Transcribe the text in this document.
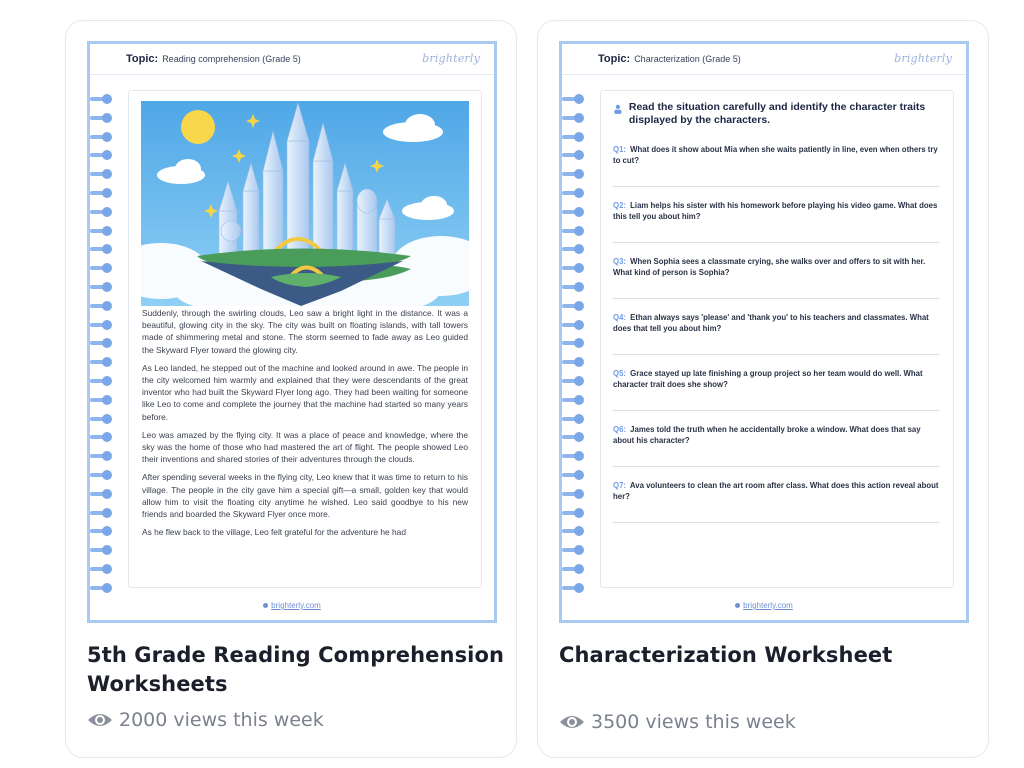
Topic: Reading comprehension (Grade 5)	brighterly

Suddenly, through the swirling clouds, Leo saw a bright light in the distance. It was a beautiful, glowing city in the sky. The city was built on floating islands, with tall towers made of shimmering metal and stone. The storm seemed to fade away as Leo guided the Skyward Flyer toward the glowing city.

As Leo landed, he stepped out of the machine and looked around in awe. The people in the city welcomed him warmly and explained that they were descendants of the great inventor who had built the Skyward Flyer long ago. They had been waiting for someone like Leo to come and complete the journey that the machine had started so many years before.

Leo was amazed by the flying city. It was a place of peace and knowledge, where the sky was the home of those who had mastered the art of flight. The people showed Leo their inventions and shared stories of their adventures through the clouds.

After spending several weeks in the flying city, Leo knew that it was time to return to his village. The people in the city gave him a special gift—a small, golden key that would allow him to visit the floating city anytime he wished. Leo said goodbye to his new friends and boarded the Skyward Flyer once more.

As he flew back to the village, Leo felt grateful for the adventure he had

brighterly.com
5th Grade Reading Comprehension Worksheets
2000 views this week
Topic: Characterization (Grade 5)	brighterly
Read the situation carefully and identify the character traits displayed by the characters.
Q1: What does it show about Mia when she waits patiently in line, even when others try to cut?
Q2: Liam helps his sister with his homework before playing his video game. What does this tell you about him?
Q3: When Sophia sees a classmate crying, she walks over and offers to sit with her. What kind of person is Sophia?
Q4: Ethan always says 'please' and 'thank you' to his teachers and classmates. What does that tell you about him?
Q5: Grace stayed up late finishing a group project so her team would do well. What character trait does she show?
Q6: James told the truth when he accidentally broke a window. What does that say about his character?
Q7: Ava volunteers to clean the art room after class. What does this action reveal about her?
brighterly.com
Characterization Worksheet
3500 views this week
